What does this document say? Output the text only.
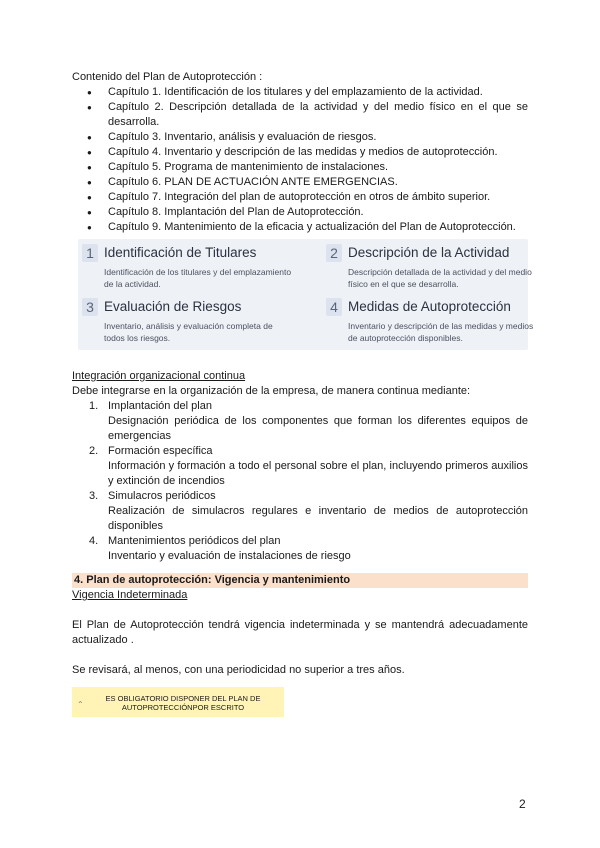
Contenido del Plan de Autoprotección :
● Capítulo 1. Identificación de los titulares y del emplazamiento de la actividad.
● Capítulo 2. Descripción detallada de la actividad y del medio físico en el que se desarrolla.
● Capítulo 3. Inventario, análisis y evaluación de riesgos.
● Capítulo 4. Inventario y descripción de las medidas y medios de autoprotección.
● Capítulo 5. Programa de mantenimiento de instalaciones.
● Capítulo 6. PLAN DE ACTUACIÓN ANTE EMERGENCIAS.
● Capítulo 7. Integración del plan de autoprotección en otros de ámbito superior.
● Capítulo 8. Implantación del Plan de Autoprotección.
● Capítulo 9. Mantenimiento de la eficacia y actualización del Plan de Autoprotección.
1 Identificación de Titulares
Identificación de los titulares y del emplazamiento de la actividad.
2 Descripción de la Actividad
Descripción detallada de la actividad y del medio físico en el que se desarrolla.
3 Evaluación de Riesgos
Inventario, análisis y evaluación completa de todos los riesgos.
4 Medidas de Autoprotección
Inventario y descripción de las medidas y medios de autoprotección disponibles.
Integración organizacional continua
Debe integrarse en la organización de la empresa, de manera continua mediante:
1. Implantación del plan
Designación periódica de los componentes que forman los diferentes equipos de emergencias
2. Formación específica
Información y formación a todo el personal sobre el plan, incluyendo primeros auxilios y extinción de incendios
3. Simulacros periódicos
Realización de simulacros regulares e inventario de medios de autoprotección disponibles
4. Mantenimientos periódicos del plan
Inventario y evaluación de instalaciones de riesgo
4. Plan de autoprotección: Vigencia y mantenimiento
Vigencia Indeterminada
El Plan de Autoprotección tendrá vigencia indeterminada y se mantendrá adecuadamente actualizado .
Se revisará, al menos, con una periodicidad no superior a tres años.
⌃
ES OBLIGATORIO DISPONER DEL PLAN DE AUTOPROTECCIÓNPOR ESCRITO
2
